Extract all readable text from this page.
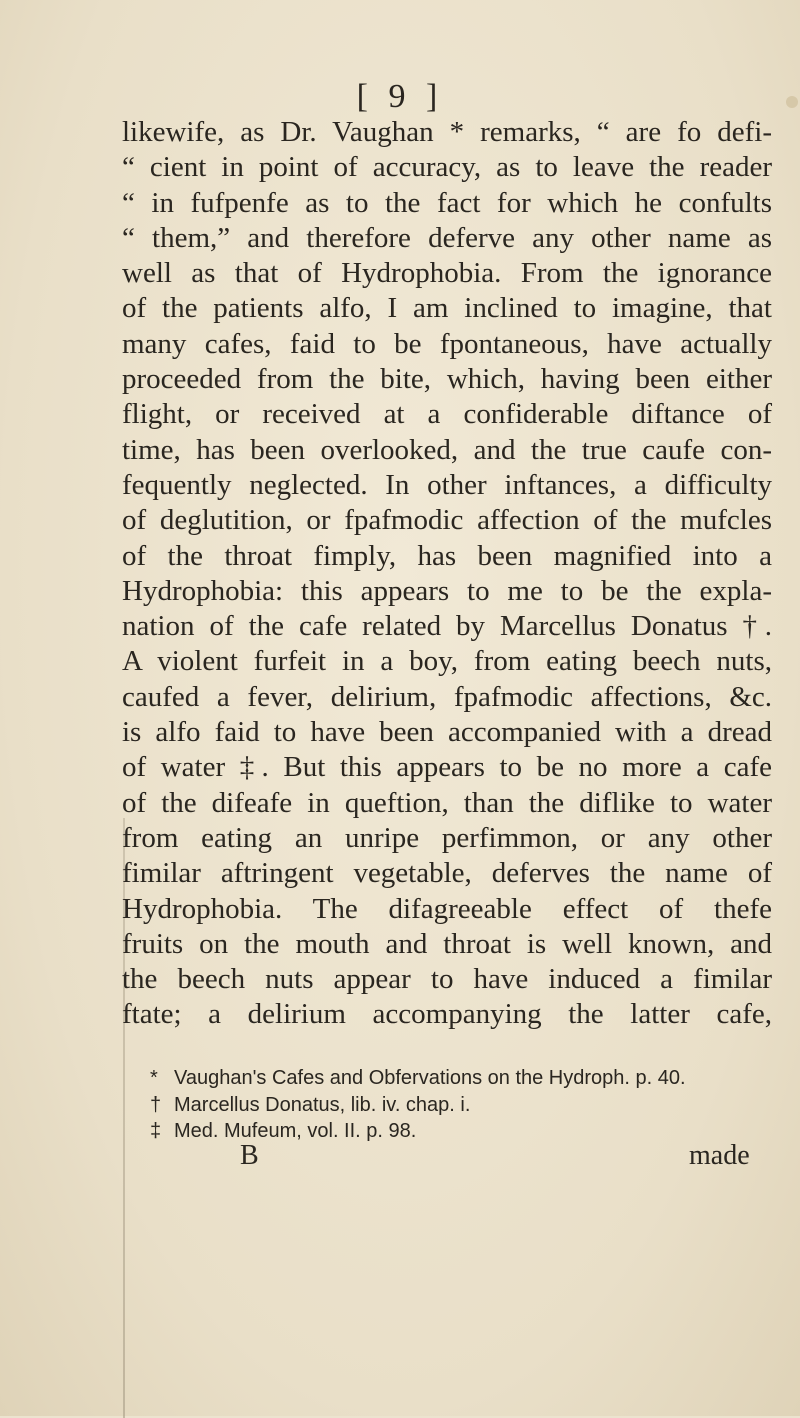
[ 9 ]
likewife, as Dr. Vaughan * remarks, “ are fo defi-
“ cient in point of accuracy, as to leave the reader
“ in fufpenfe as to the fact for which he confults
“ them,” and therefore deferve any other name as
well as that of Hydrophobia. From the ignorance
of the patients alfo, I am inclined to imagine, that
many cafes, faid to be fpontaneous, have actually
proceeded from the bite, which, having been either
flight, or received at a confiderable diftance of
time, has been overlooked, and the true caufe con-
fequently neglected. In other inftances, a difficulty
of deglutition, or fpafmodic affection of the mufcles
of the throat fimply, has been magnified into a
Hydrophobia: this appears to me to be the expla-
nation of the cafe related by Marcellus Donatus †.
A violent furfeit in a boy, from eating beech nuts,
caufed a fever, delirium, fpafmodic affections, &c.
is alfo faid to have been accompanied with a dread
of water ‡. But this appears to be no more a cafe
of the difeafe in queftion, than the diflike to water
from eating an unripe perfimmon, or any other
fimilar aftringent vegetable, deferves the name of
Hydrophobia. The difagreeable effect of thefe
fruits on the mouth and throat is well known, and
the beech nuts appear to have induced a fimilar
ftate; a delirium accompanying the latter cafe,
* Vaughan's Cafes and Obfervations on the Hydroph. p. 40.
† Marcellus Donatus, lib. iv. chap. i.
‡ Med. Mufeum, vol. II. p. 98.
B	made
